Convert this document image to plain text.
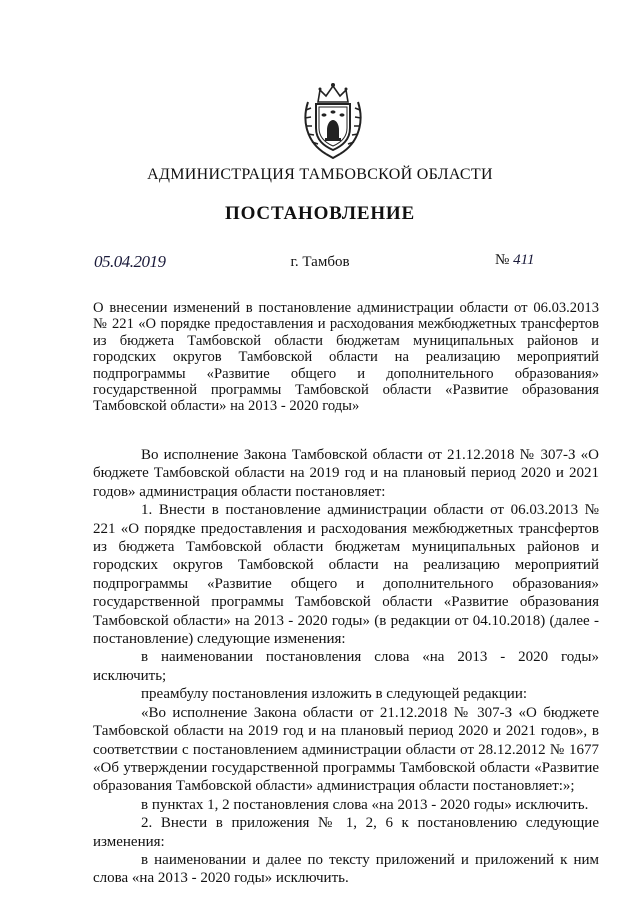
АДМИНИСТРАЦИЯ ТАМБОВСКОЙ ОБЛАСТИ
ПОСТАНОВЛЕНИЕ
05.04.2019	г. Тамбов	№ 411
О внесении изменений в постановление администрации области от 06.03.2013 № 221 «О порядке предоставления и расходования межбюджетных трансфертов из бюджета Тамбовской области бюджетам муниципальных районов и городских округов Тамбовской области на реализацию мероприятий подпрограммы «Развитие общего и дополнительного образования» государственной программы Тамбовской области «Развитие образования Тамбовской области» на 2013 - 2020 годы»

Во исполнение Закона Тамбовской области от 21.12.2018 № 307-З «О бюджете Тамбовской области на 2019 год и на плановый период 2020 и 2021 годов» администрация области постановляет:

1. Внести в постановление администрации области от 06.03.2013 № 221 «О порядке предоставления и расходования межбюджетных трансфертов из бюджета Тамбовской области бюджетам муниципальных районов и городских округов Тамбовской области на реализацию мероприятий подпрограммы «Развитие общего и дополнительного образования» государственной программы Тамбовской области «Развитие образования Тамбовской области» на 2013 - 2020 годы» (в редакции от 04.10.2018) (далее - постановление) следующие изменения:

в наименовании постановления слова «на 2013 - 2020 годы» исключить;

преамбулу постановления изложить в следующей редакции:

«Во исполнение Закона области от 21.12.2018 № 307-З «О бюджете Тамбовской области на 2019 год и на плановый период 2020 и 2021 годов», в соответствии с постановлением администрации области от 28.12.2012 № 1677 «Об утверждении государственной программы Тамбовской области «Развитие образования Тамбовской области» администрация области постановляет:»;

в пунктах 1, 2 постановления слова «на 2013 - 2020 годы» исключить.

2. Внести в приложения № 1, 2, 6 к постановлению следующие изменения:

в наименовании и далее по тексту приложений и приложений к ним слова «на 2013 - 2020 годы» исключить.
